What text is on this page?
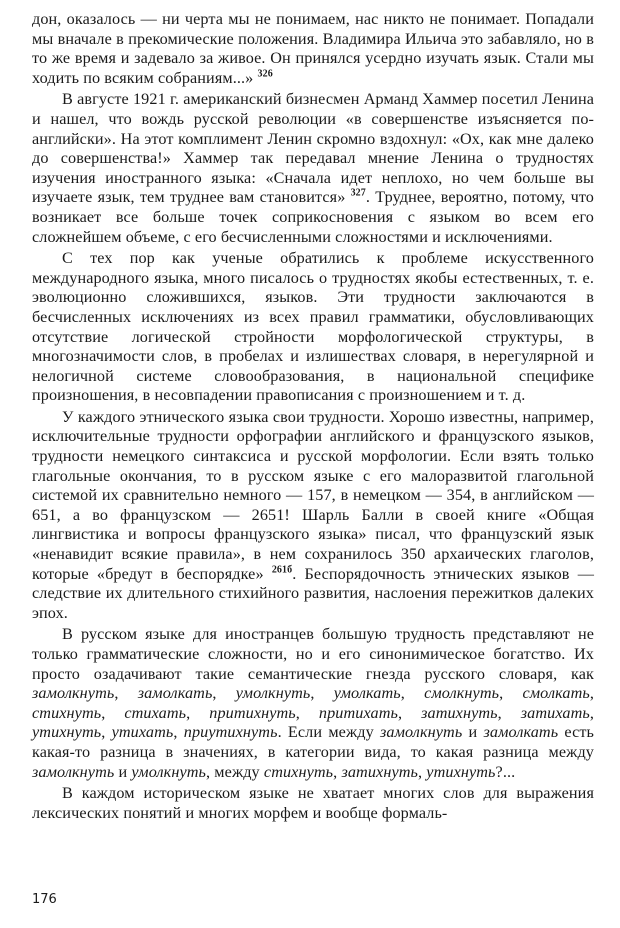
дон, оказалось — ни черта мы не понимаем, нас никто не понимает. Попадали мы вначале в прекомические положения. Владимира Ильича это забавляло, но в то же время и задевало за живое. Он принялся усердно изучать язык. Стали мы ходить по всяким собраниям...» $^{326}$

В августе 1921 г. американский бизнесмен Арманд Хаммер посетил Ленина и нашел, что вождь русской революции «в совершенстве изъясняется по-английски». На этот комплимент Ленин скромно вздохнул: «Ох, как мне далеко до совершенства!» Хаммер так передавал мнение Ленина о трудностях изучения иностранного языка: «Сначала идет неплохо, но чем больше вы изучаете язык, тем труднее вам становится» $^{327}$. Труднее, вероятно, потому, что возникает все больше точек соприкосновения с языком во всем его сложнейшем объеме, с его бесчисленными сложностями и исключениями.

С тех пор как ученые обратились к проблеме искусственного международного языка, много писалось о трудностях якобы естественных, т. е. эволюционно сложившихся, языков. Эти трудности заключаются в бесчисленных исключениях из всех правил грамматики, обусловливающих отсутствие логической стройности морфологической структуры, в многозначимости слов, в пробелах и излишествах словаря, в нерегулярной и нелогичной системе словообразования, в национальной специфике произношения, в несовпадении правописания с произношением и т. д.

У каждого этнического языка свои трудности. Хорошо известны, например, исключительные трудности орфографии английского и французского языков, трудности немецкого синтаксиса и русской морфологии. Если взять только глагольные окончания, то в русском языке с его малоразвитой глагольной системой их сравнительно немного — 157, в немецком — 354, в английском — 651, а во французском — 2651! Шарль Балли в своей книге «Общая лингвистика и вопросы французского языка» писал, что французский язык «ненавидит всякие правила», в нем сохранилось 350 архаических глаголов, которые «бредут в беспорядке» $^{261б}$. Беспорядочность этнических языков — следствие их длительного стихийного развития, наслоения пережитков далеких эпох.

В русском языке для иностранцев большую трудность представляют не только грамматические сложности, но и его синонимическое богатство. Их просто озадачивают такие семантические гнезда русского словаря, как замолкнуть, замолкать, умолкнуть, умолкать, смолкнуть, смолкать, стихнуть, стихать, притихнуть, притихать, затихнуть, затихать, утихнуть, утихать, приутихнуть. Если между замолкнуть и замолкать есть какая-то разница в значениях, в категории вида, то какая разница между замолкнуть и умолкнуть, между стихнуть, затихнуть, утихнуть?...

В каждом историческом языке не хватает многих слов для выражения лексических понятий и многих морфем и вообще формаль-

176
